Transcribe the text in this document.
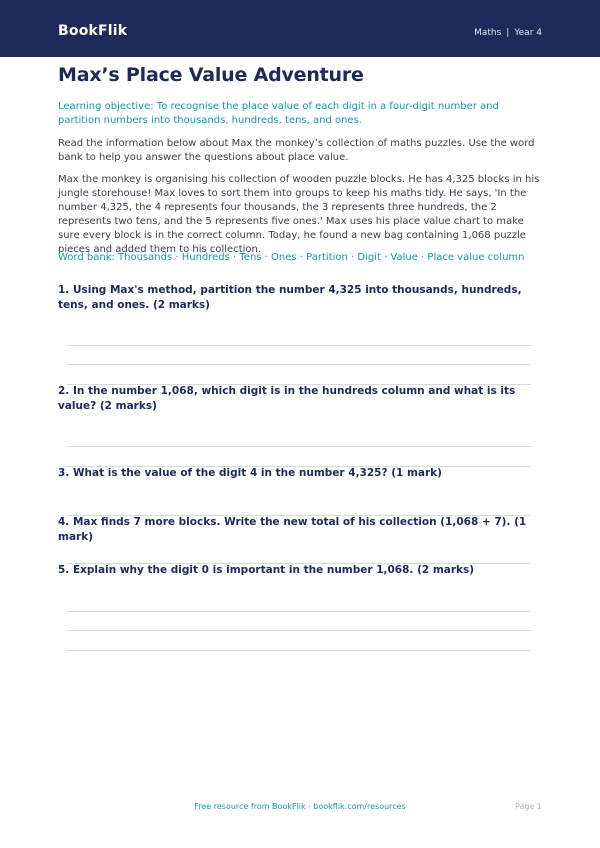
BookFlik	Maths | Year 4
Max’s Place Value Adventure
Learning objective: To recognise the place value of each digit in a four-digit number and partition numbers into thousands, hundreds, tens, and ones.
Read the information below about Max the monkey’s collection of maths puzzles. Use the word bank to help you answer the questions about place value.
Max the monkey is organising his collection of wooden puzzle blocks. He has 4,325 blocks in his jungle storehouse! Max loves to sort them into groups to keep his maths tidy. He says, 'In the number 4,325, the 4 represents four thousands, the 3 represents three hundreds, the 2 represents two tens, and the 5 represents five ones.' Max uses his place value chart to make sure every block is in the correct column. Today, he found a new bag containing 1,068 puzzle pieces and added them to his collection.
Word bank: Thousands · Hundreds · Tens · Ones · Partition · Digit · Value · Place value column
1. Using Max's method, partition the number 4,325 into thousands, hundreds, tens, and ones. (2 marks)
2. In the number 1,068, which digit is in the hundreds column and what is its value? (2 marks)
3. What is the value of the digit 4 in the number 4,325? (1 mark)
4. Max finds 7 more blocks. Write the new total of his collection (1,068 + 7). (1 mark)
5. Explain why the digit 0 is important in the number 1,068. (2 marks)
Free resource from BookFlik · bookflik.com/resources	Page 1
